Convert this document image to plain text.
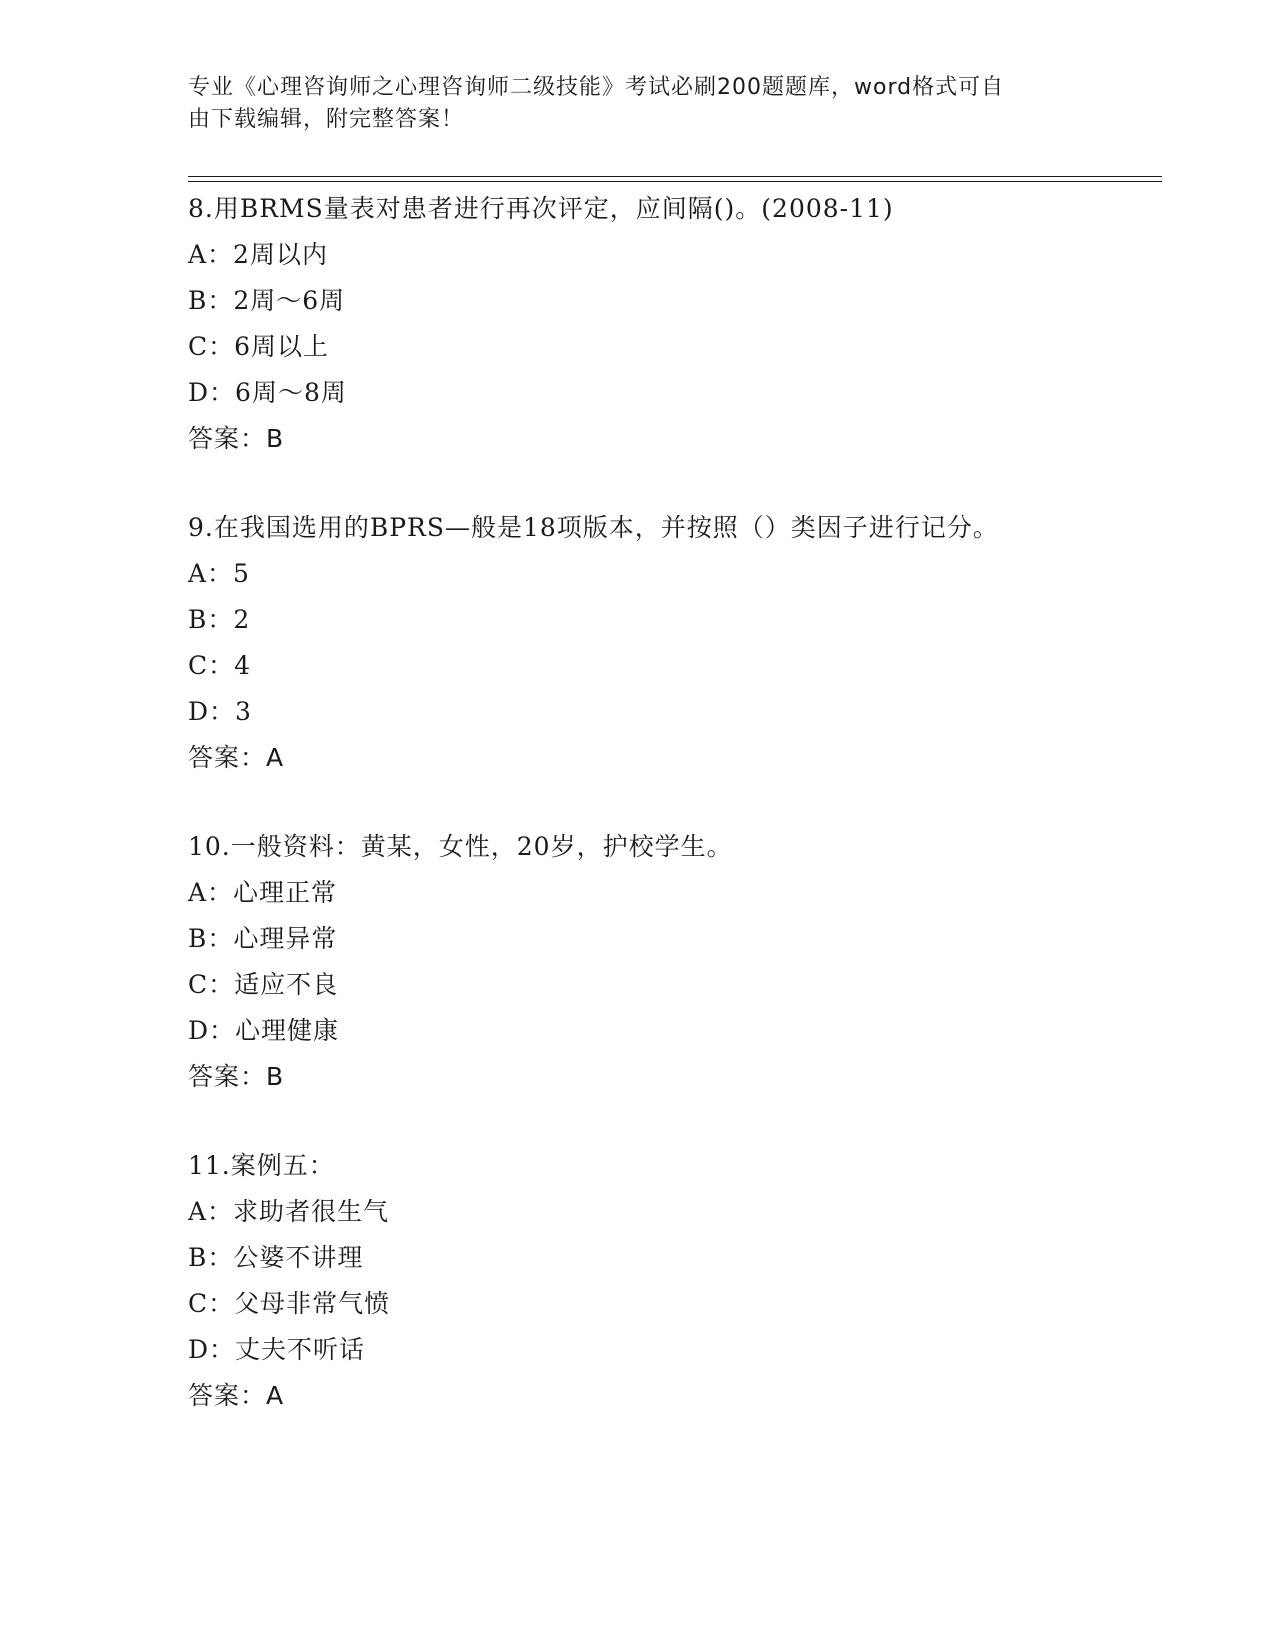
专业《心理咨询师之心理咨询师二级技能》考试必刷200题题库，word格式可自
由下载编辑，附完整答案！
8.用BRMS量表对患者进行再次评定，应间隔()。(2008-11)
A：2周以内
B：2周～6周
C：6周以上
D：6周～8周
答案：B
9.在我国选用的BPRS—般是18项版本，并按照（）类因子进行记分。
A：5
B：2
C：4
D：3
答案：A
10.一般资料：黄某，女性，20岁，护校学生。
A：心理正常
B：心理异常
C：适应不良
D：心理健康
答案：B
11.案例五：
A：求助者很生气
B：公婆不讲理
C：父母非常气愤
D：丈夫不听话
答案：A
